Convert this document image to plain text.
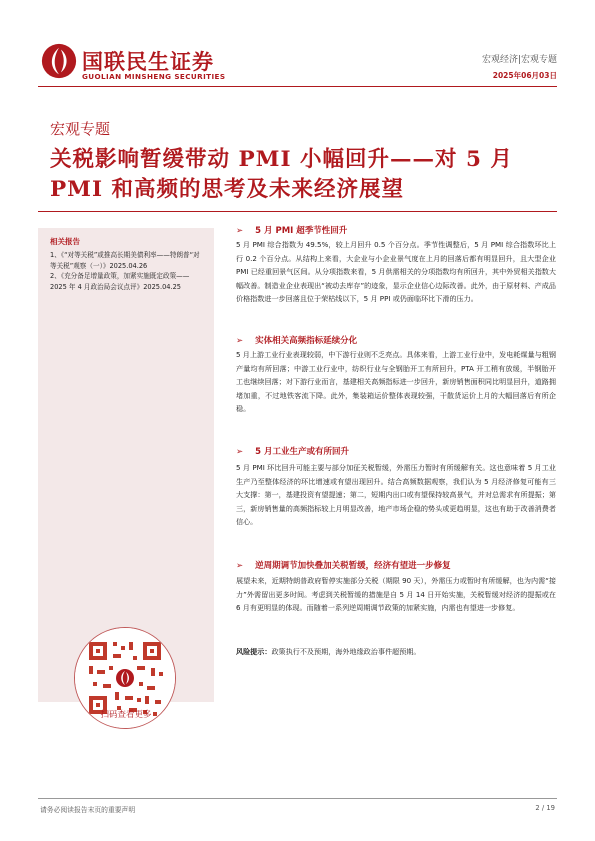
国联民生证券
GUOLIAN MINSHENG SECURITIES
宏观经济|宏观专题
2025年06月03日
宏观专题
关税影响暂缓带动 PMI 小幅回升——对 5 月 PMI 和高频的思考及未来经济展望
相关报告
1、《“对等关税”或推高长期美债利率——特朗普“对等关税”观察（一）》2025.04.26
2、《充分备足增量政策，加紧实施既定政策——2025 年 4 月政治局会议点评》2025.04.25
扫码查看更多
➢ 5 月 PMI 超季节性回升
5 月 PMI 综合指数为 49.5%，较上月回升 0.5 个百分点。季节性调整后，5 月 PMI 综合指数环比上行 0.2 个百分点。从结构上来看，大企业与小企业景气度在上月的回落后都有明显回升，且大型企业 PMI 已经重回景气区间。从分项指数来看，5 月供需相关的分项指数均有所回升，其中外贸相关指数大幅改善。制造业企业表现出“被动去库存”的迹象，显示企业信心边际改善。此外，由于原材料、产成品价格指数进一步回落且位于荣枯线以下，5 月 PPI 或仍面临环比下滑的压力。
➢ 实体相关高频指标延续分化
5 月上游工业行业表现较弱，中下游行业则不乏亮点。具体来看，上游工业行业中，发电耗煤量与粗钢产量均有所回落；中游工业行业中，纺织行业与全钢胎开工有所回升，PTA 开工稍有放缓，半钢胎开工也继续回落；对下游行业而言，基建相关高频指标进一步回升，新房销售面积同比明显回升，道路拥堵加重，不过地铁客流下降。此外，集装箱运价整体表现较强，干散货运价上月的大幅回落后有所企稳。
➢ 5 月工业生产或有所回升
5 月 PMI 环比回升可能主要与部分加征关税暂缓，外需压力暂时有所缓解有关。这也意味着 5 月工业生产乃至整体经济的环比增速或有望出现回升。结合高频数据观察，我们认为 5 月经济修复可能有三大支撑：第一，基建投资有望提速；第二，短期内出口或有望保持较高景气，并对总需求有所提振；第三，新房销售量的高频指标较上月明显改善，地产市场企稳的势头或更趋明显，这也有助于改善消费者信心。
➢ 逆周期调节加快叠加关税暂缓，经济有望进一步修复
展望未来，近期特朗普政府暂停实施部分关税（期限 90 天），外需压力或暂时有所缓解，也为内需“接力”外需留出更多时间。考虑到关税暂缓的措施是自 5 月 14 日开始实施，关税暂缓对经济的提振或在 6 月有更明显的体现。而随着一系列逆周期调节政策的加紧实施，内需也有望进一步修复。
风险提示：政策执行不及预期，海外地缘政治事件超预期。
请务必阅读报告末页的重要声明	2 / 19
